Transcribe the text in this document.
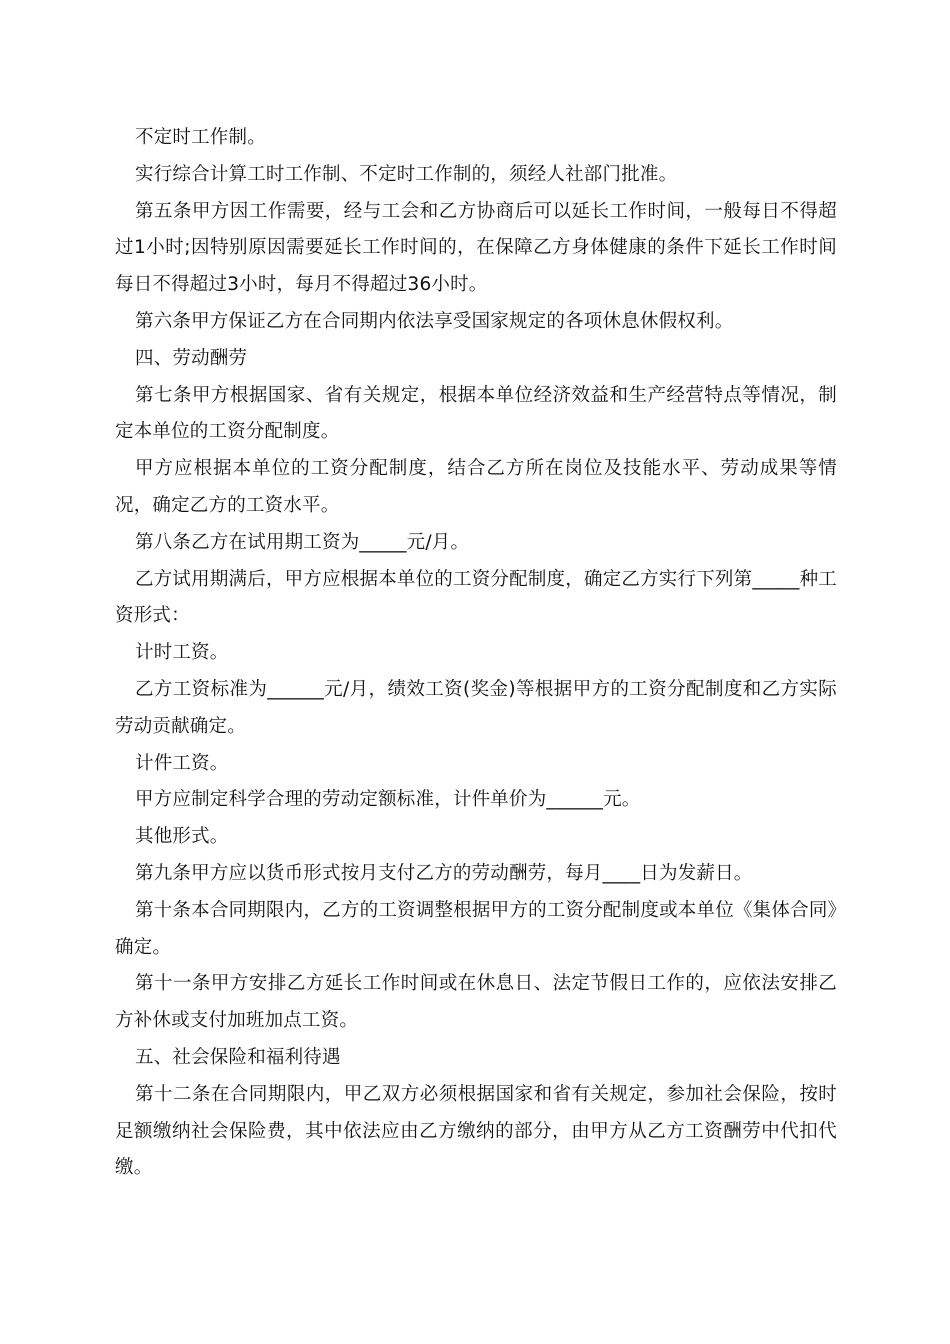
不定时工作制。

实行综合计算工时工作制、不定时工作制的，须经人社部门批准。

第五条甲方因工作需要，经与工会和乙方协商后可以延长工作时间，一般每日不得超过1小时;因特别原因需要延长工作时间的，在保障乙方身体健康的条件下延长工作时间每日不得超过3小时，每月不得超过36小时。

第六条甲方保证乙方在合同期内依法享受国家规定的各项休息休假权利。

四、劳动酬劳

第七条甲方根据国家、省有关规定，根据本单位经济效益和生产经营特点等情况，制定本单位的工资分配制度。

甲方应根据本单位的工资分配制度，结合乙方所在岗位及技能水平、劳动成果等情况，确定乙方的工资水平。

第八条乙方在试用期工资为_____元/月。

乙方试用期满后，甲方应根据本单位的工资分配制度，确定乙方实行下列第_____种工资形式：

计时工资。

乙方工资标准为______元/月，绩效工资(奖金)等根据甲方的工资分配制度和乙方实际劳动贡献确定。

计件工资。

甲方应制定科学合理的劳动定额标准，计件单价为______元。

其他形式。

第九条甲方应以货币形式按月支付乙方的劳动酬劳，每月____日为发薪日。

第十条本合同期限内，乙方的工资调整根据甲方的工资分配制度或本单位《集体合同》确定。

第十一条甲方安排乙方延长工作时间或在休息日、法定节假日工作的，应依法安排乙方补休或支付加班加点工资。

五、社会保险和福利待遇

第十二条在合同期限内，甲乙双方必须根据国家和省有关规定，参加社会保险，按时足额缴纳社会保险费，其中依法应由乙方缴纳的部分，由甲方从乙方工资酬劳中代扣代缴。
